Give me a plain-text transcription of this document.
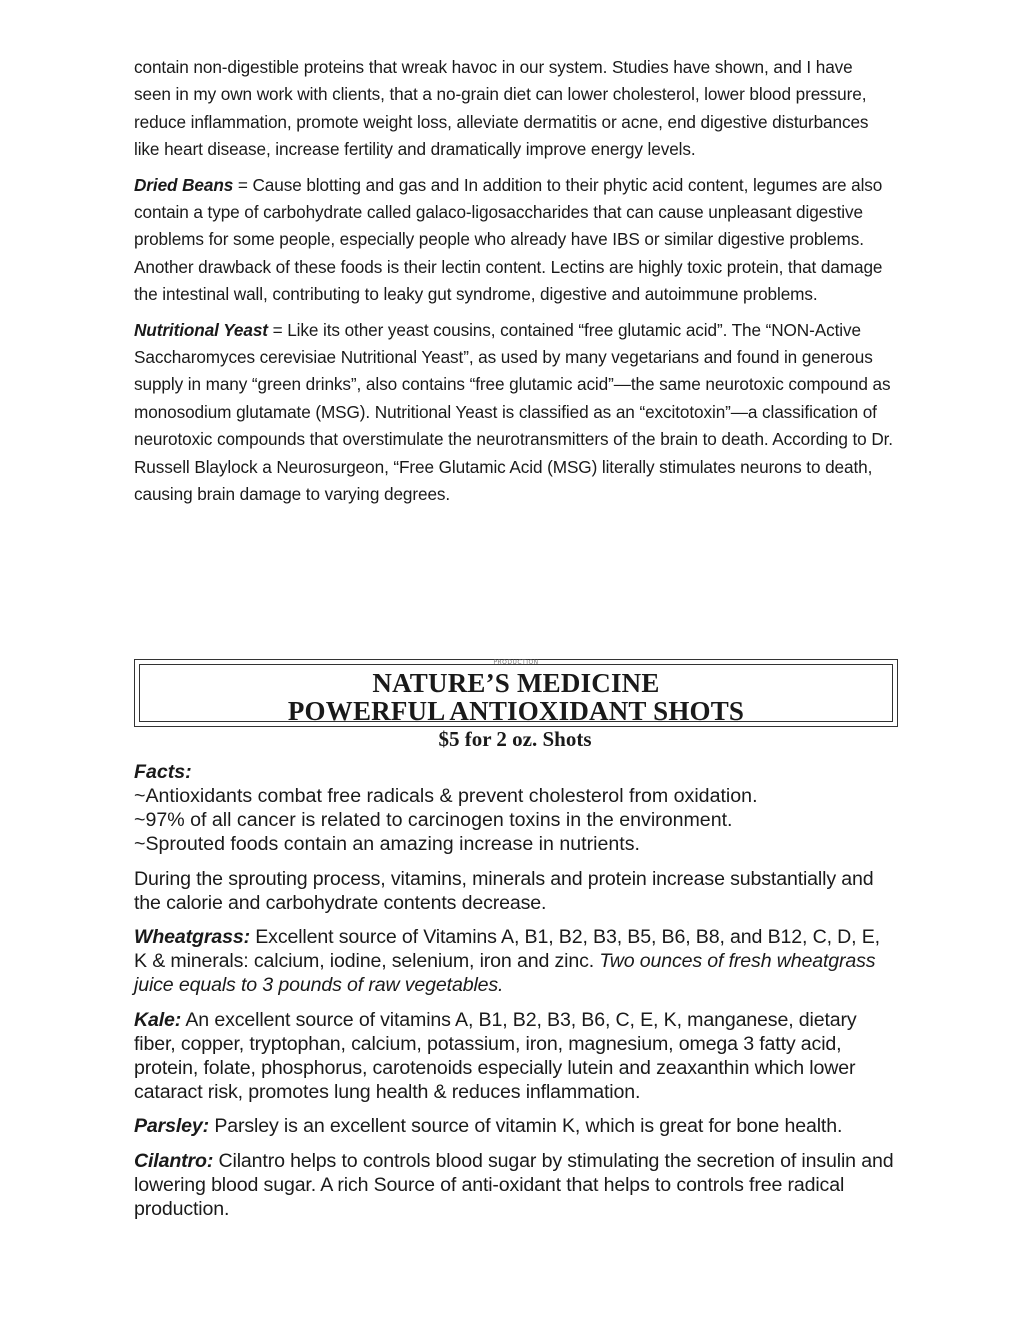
contain non-digestible proteins that wreak havoc in our system. Studies have shown, and I have seen in my own work with clients, that a no-grain diet can lower cholesterol, lower blood pressure, reduce inflammation, promote weight loss, alleviate dermatitis or acne, end digestive disturbances like heart disease, increase fertility and dramatically improve energy levels.

Dried Beans = Cause blotting and gas and In addition to their phytic acid content, legumes are also contain a type of carbohydrate called galaco-ligosaccharides that can cause unpleasant digestive problems for some people, especially people who already have IBS or similar digestive problems. Another drawback of these foods is their lectin content. Lectins are highly toxic protein, that damage the intestinal wall, contributing to leaky gut syndrome, digestive and autoimmune problems.

Nutritional Yeast = Like its other yeast cousins, contained “free glutamic acid”. The “NON-Active Saccharomyces cerevisiae Nutritional Yeast”, as used by many vegetarians and found in generous supply in many “green drinks”, also contains “free glutamic acid”—the same neurotoxic compound as monosodium glutamate (MSG). Nutritional Yeast is classified as an “excitotoxin”—a classification of neurotoxic compounds that overstimulate the neurotransmitters of the brain to death. According to Dr. Russell Blaylock a Neurosurgeon, “Free Glutamic Acid (MSG) literally stimulates neurons to death, causing brain damage to varying degrees.

PRODUCTION
NATURE’S MEDICINE
POWERFUL ANTIOXIDANT SHOTS
$5 for 2 oz. Shots

Facts:

~Antioxidants combat free radicals & prevent cholesterol from oxidation.

~97% of all cancer is related to carcinogen toxins in the environment.

~Sprouted foods contain an amazing increase in nutrients.

During the sprouting process, vitamins, minerals and protein increase substantially and the calorie and carbohydrate contents decrease.

Wheatgrass: Excellent source of Vitamins A, B1, B2, B3, B5, B6, B8, and B12, C, D, E, K & minerals: calcium, iodine, selenium, iron and zinc. Two ounces of fresh wheatgrass juice equals to 3 pounds of raw vegetables.

Kale: An excellent source of vitamins A, B1, B2, B3, B6, C, E, K, manganese, dietary fiber, copper, tryptophan, calcium, potassium, iron, magnesium, omega 3 fatty acid, protein, folate, phosphorus, carotenoids especially lutein and zeaxanthin which lower cataract risk, promotes lung health & reduces inflammation.

Parsley: Parsley is an excellent source of vitamin K, which is great for bone health.

Cilantro: Cilantro helps to controls blood sugar by stimulating the secretion of insulin and lowering blood sugar. A rich Source of anti-oxidant that helps to controls free radical production.
